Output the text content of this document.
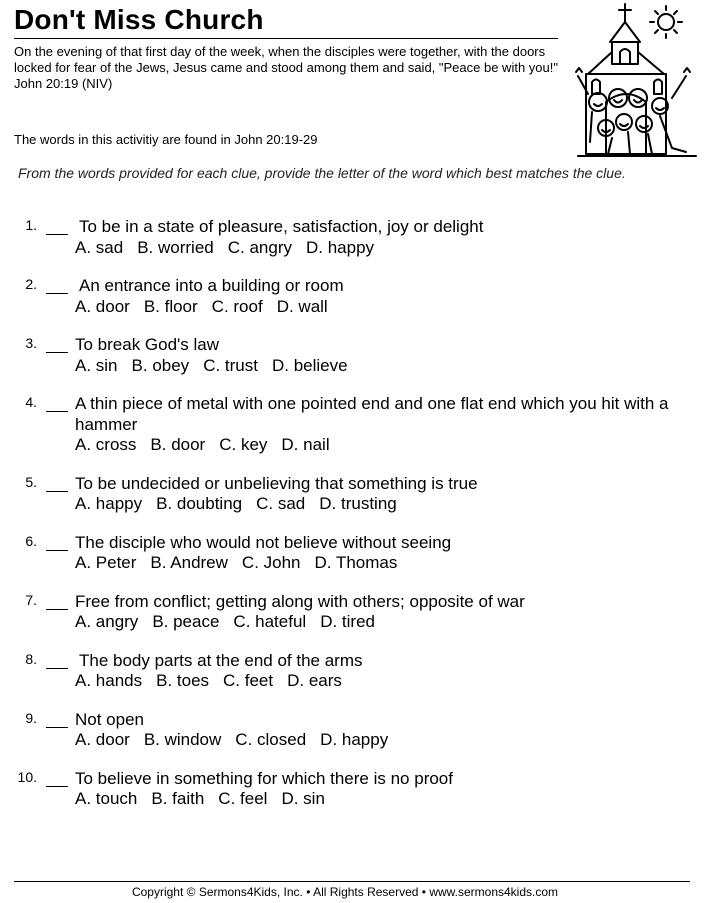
Don't Miss Church

On the evening of that first day of the week, when the disciples were together, with the doors locked for fear of the Jews, Jesus came and stood among them and said, "Peace be with you!" John 20:19 (NIV)

The words in this activitiy are found in John 20:19-29

From the words provided for each clue, provide the letter of the word which best matches the clue.

1. To be in a state of pleasure, satisfaction, joy or delight
A. sad B. worried C. angry D. happy
2. An entrance into a building or room
A. door B. floor C. roof D. wall
3. To break God's law
A. sin B. obey C. trust D. believe
4. A thin piece of metal with one pointed end and one flat end which you hit with a hammer
A. cross B. door C. key D. nail
5. To be undecided or unbelieving that something is true
A. happy B. doubting C. sad D. trusting
6. The disciple who would not believe without seeing
A. Peter B. Andrew C. John D. Thomas
7. Free from conflict; getting along with others; opposite of war
A. angry B. peace C. hateful D. tired
8. The body parts at the end of the arms
A. hands B. toes C. feet D. ears
9. Not open
A. door B. window C. closed D. happy
10. To believe in something for which there is no proof
A. touch B. faith C. feel D. sin
Copyright © Sermons4Kids, Inc. • All Rights Reserved • www.sermons4kids.com
